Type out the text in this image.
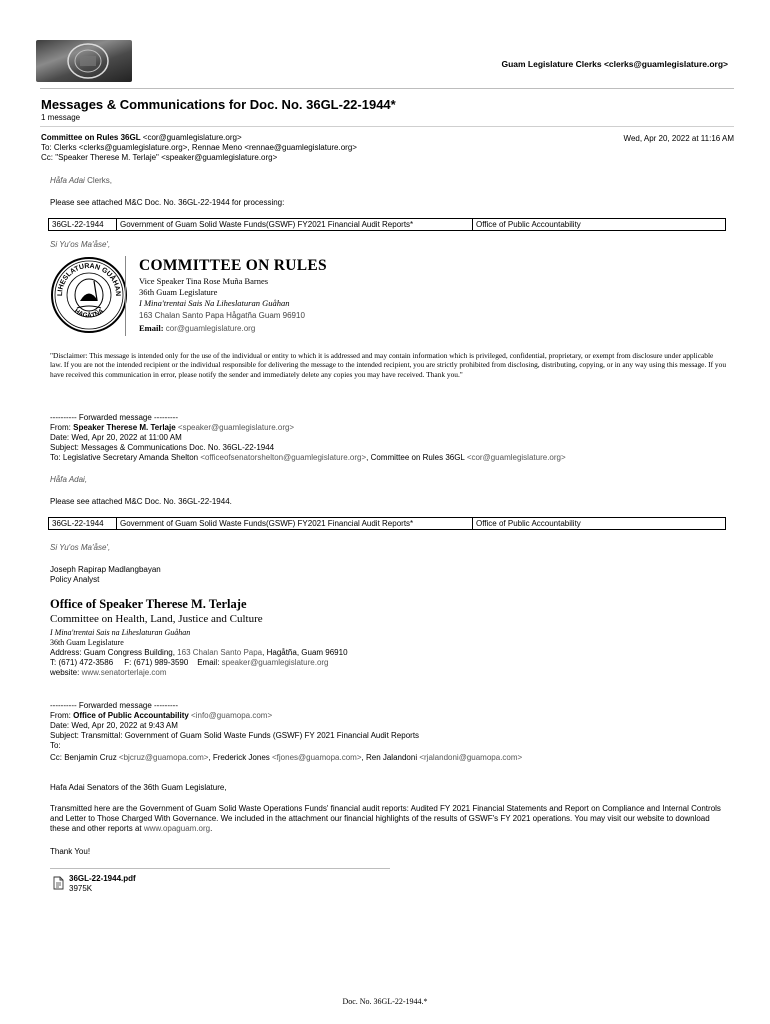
Guam Legislature Clerks <clerks@guamlegislature.org>
Messages & Communications for Doc. No. 36GL-22-1944*
1 message
Committee on Rules 36GL <cor@guamlegislature.org>	Wed, Apr 20, 2022 at 11:16 AM
To: Clerks <clerks@guamlegislature.org>, Rennae Meno <rennae@guamlegislature.org>
Cc: "Speaker Therese M. Terlaje" <speaker@guamlegislature.org>
Håfa Adai Clerks,
Please see attached M&C Doc. No. 36GL-22-1944 for processing:
36GL-22-1944	Government of Guam Solid Waste Funds(GSWF) FY2021 Financial Audit Reports*	Office of Public Accountability
Si Yu'os Ma'åse',
LIHESLATURAN GUÅHAN
HAGÅTÑA
COMMITTEE ON RULES
Vice Speaker Tina Rose Muña Barnes
36th Guam Legislature
I Mina'trentai Sais Na Liheslaturan Guåhan
163 Chalan Santo Papa Hågatña Guam 96910
Email: cor@guamlegislature.org
"Disclaimer: This message is intended only for the use of the individual or entity to which it is addressed and may contain information which is privileged, confidential, proprietary, or exempt from disclosure under applicable law. If you are not the intended recipient or the individual responsible for delivering the message to the intended recipient, you are strictly prohibited from disclosing, distributing, copying, or in any way using this message. If you have received this communication in error, please notify the sender and immediately delete any copies you may have received. Thank you."
---------- Forwarded message ---------
From: Speaker Therese M. Terlaje <speaker@guamlegislature.org>
Date: Wed, Apr 20, 2022 at 11:00 AM
Subject: Messages & Communications Doc. No. 36GL-22-1944
To: Legislative Secretary Amanda Shelton <officeofsenatorshelton@guamlegislature.org>, Committee on Rules 36GL <cor@guamlegislature.org>
Håfa Adai,
Please see attached M&C Doc. No. 36GL-22-1944.
36GL-22-1944	Government of Guam Solid Waste Funds(GSWF) FY2021 Financial Audit Reports*	Office of Public Accountability
Si Yu'os Ma'åse',
Joseph Rapirap Madlangbayan
Policy Analyst
Office of Speaker Therese M. Terlaje
Committee on Health, Land, Justice and Culture
I Mina'trentai Sais na Liheslaturan Guåhan
36th Guam Legislature
Address: Guam Congress Building, 163 Chalan Santo Papa, Hagåtña, Guam 96910
T: (671) 472-3586     F: (671) 989-3590    Email: speaker@guamlegislature.org
website: www.senatorterlaje.com
---------- Forwarded message ---------
From: Office of Public Accountability <info@guamopa.com>
Date: Wed, Apr 20, 2022 at 9:43 AM
Subject: Transmittal: Government of Guam Solid Waste Funds (GSWF) FY 2021 Financial Audit Reports
To:
Cc: Benjamin Cruz <bjcruz@guamopa.com>, Frederick Jones <fjones@guamopa.com>, Ren Jalandoni <rjalandoni@guamopa.com>
Hafa Adai Senators of the 36th Guam Legislature,
Transmitted here are the Government of Guam Solid Waste Operations Funds' financial audit reports: Audited FY 2021 Financial Statements and Report on Compliance and Internal Controls and Letter to Those Charged With Governance. We included in the attachment our financial highlights of the results of GSWF's FY 2021 operations. You may visit our website to download these and other reports at www.opaguam.org.
Thank You!
36GL-22-1944.pdf
3975K
Doc. No. 36GL-22-1944.*
